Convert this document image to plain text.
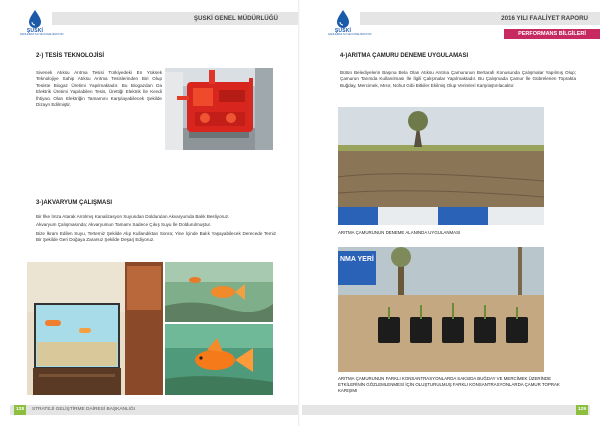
ŞUSKİ
ŞANLIURFA SU VE KANALİZASYON
ŞUSKİ GENEL MÜDÜRLÜĞÜ
2-) TESİS TEKNOLOJİSİ
Sivenek Atıksu Arıtma Tesisi Türkiyedeki En Yüksek Teknolojiye Sahip Atıksu Arıtma Tesislerinden Biri Olup Tesiste Biogaz Üretimi Yapılmaktadır. Bu Biogazdan Da Elektrik Üretimi Yapılabilen Tesis, Ürettiği Elektrik İle Kendi İhtiyacı Olan Elektriğin Tamamını Karşılayabilecek Şekilde Dizayn Edilmiştir.
3-)AKVARYUM ÇALIŞMASI

Bir İlke İmza Atarak Arıtılmış Kanalizasyon Suyundan Doldurulan Akvaryumda Balık Besliyoruz.

Akvaryum Çalışmasında; Akvaryumun Tamamı Sadece Çıkış Suyu İle Doldurulmuştur.

Bize İkram Edilen Suyu, Tertemiz Şekilde Alıp Kullandıktan Sonra; Yine İçinde Balık Yaşayabilecek Derecede Temiz Bir Şekilde Geri Doğaya Zararsız Şekilde Deşarj Ediyoruz.

128	STRATEJİ GELİŞTİRME DAİRESİ BAŞKANLIĞI
ŞUSKİ
ŞANLIURFA SU VE KANALİZASYON
2016 YILI FAALİYET RAPORU
PERFORMANS BİLGİLERİ
4-)ARITMA ÇAMURU DENEME UYGULAMASI
Bütün Belediyelerin Başına Bela Olan Atıksu Arıtma Çamurunun Bertarafı Konusunda Çalışmalar Yapılmış Olup; Çamurun Tarımda Kullanılması İle İlgili Çalışmalar Yapılmaktadır. Bu Çalışmada Çamur İle Gübrelenen Toprakta Buğday, Mercimek, Mısır, Nohut Gibi Bitkiler Ekilmiş Olup Verimleri Karşılaştırılacaktır.
ARITMA ÇAMURUNUN DENEME ALANINDA UYGULANMASI
NMA YERİ
ARITMA ÇAMURUNUN FARKLI KONSANTRASYONLARDA SAKSIDA BUĞDAY VE MERCİMEK ÜZERİNDE ETKİLERİNİN GÖZLEMLENMESİ İÇİN OLUŞTURULMUŞ FARKLI KONSANTRASYONLARDA ÇAMUR TOPRAK KARIŞIMI
129
